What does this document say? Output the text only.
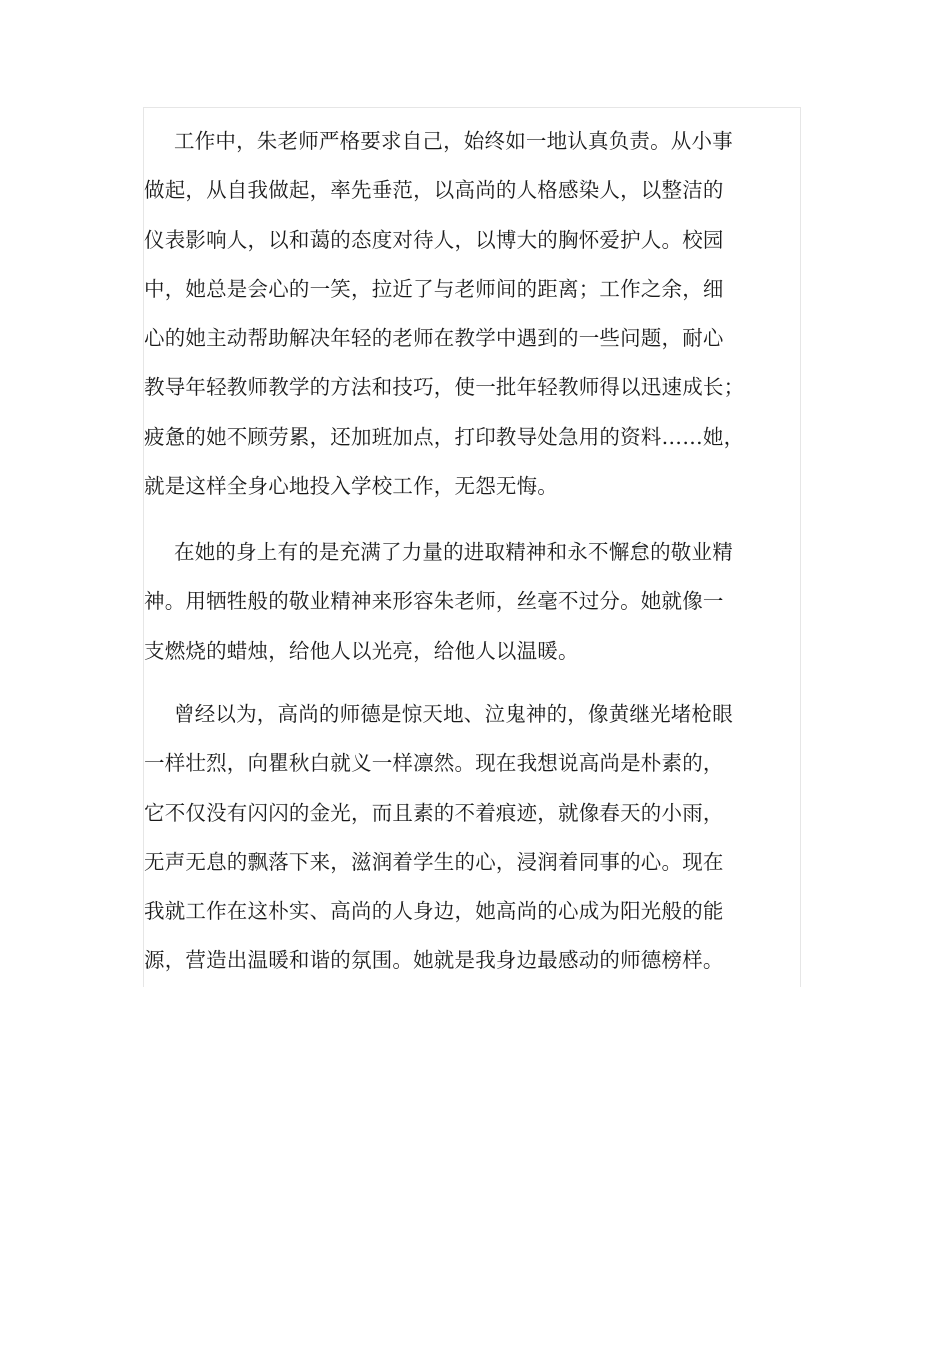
工作中，朱老师严格要求自己，始终如一地认真负责。从小事
做起，从自我做起，率先垂范，以高尚的人格感染人，以整洁的
仪表影响人，以和蔼的态度对待人，以博大的胸怀爱护人。校园
中，她总是会心的一笑，拉近了与老师间的距离；工作之余，细
心的她主动帮助解决年轻的老师在教学中遇到的一些问题，耐心
教导年轻教师教学的方法和技巧，使一批年轻教师得以迅速成长；
疲惫的她不顾劳累，还加班加点，打印教导处急用的资料……她，
就是这样全身心地投入学校工作，无怨无悔。
在她的身上有的是充满了力量的进取精神和永不懈怠的敬业精
神。用牺牲般的敬业精神来形容朱老师，丝毫不过分。她就像一
支燃烧的蜡烛，给他人以光亮，给他人以温暖。
曾经以为，高尚的师德是惊天地、泣鬼神的，像黄继光堵枪眼
一样壮烈，向瞿秋白就义一样凛然。现在我想说高尚是朴素的，
它不仅没有闪闪的金光，而且素的不着痕迹，就像春天的小雨，
无声无息的飘落下来，滋润着学生的心，浸润着同事的心。现在
我就工作在这朴实、高尚的人身边，她高尚的心成为阳光般的能
源，营造出温暖和谐的氛围。她就是我身边最感动的师德榜样。
